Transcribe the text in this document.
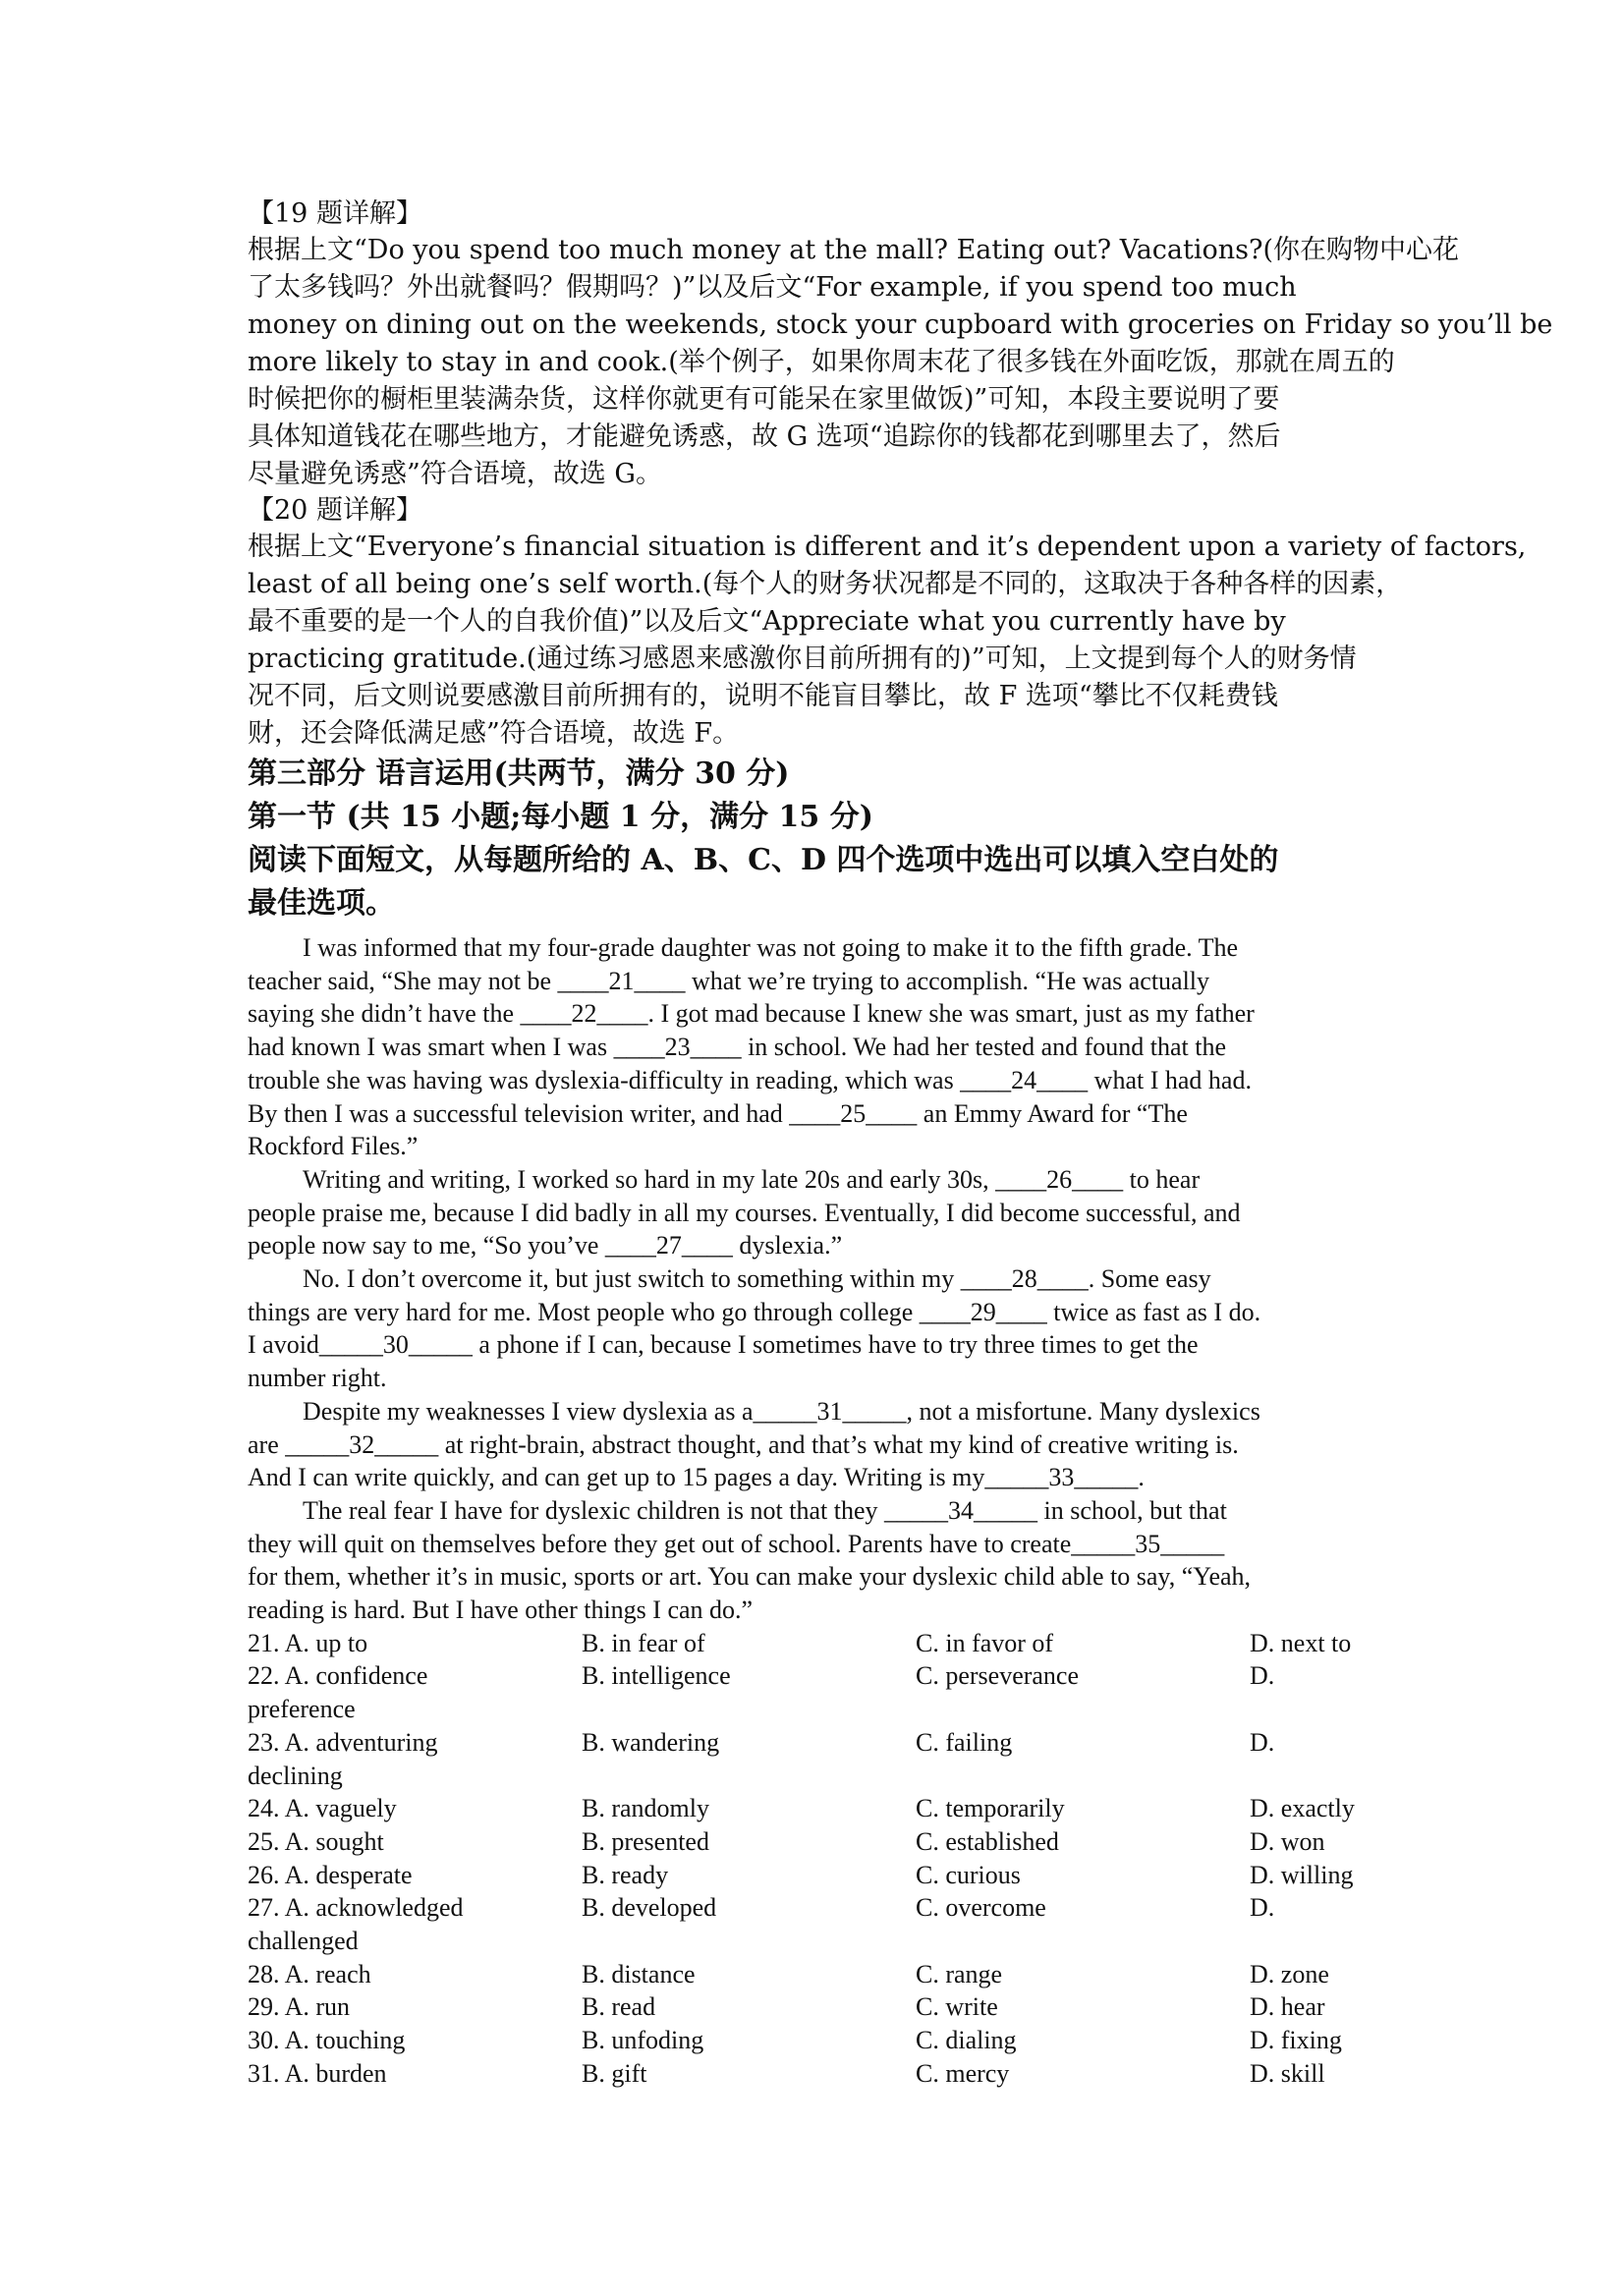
【19 题详解】
根据上文“Do you spend too much money at the mall? Eating out? Vacations?(你在购物中心花
了太多钱吗？外出就餐吗？假期吗？)”以及后文“For example, if you spend too much
money on dining out on the weekends, stock your cupboard with groceries on Friday so you’ll be
more likely to stay in and cook.(举个例子，如果你周末花了很多钱在外面吃饭，那就在周五的
时候把你的橱柜里装满杂货，这样你就更有可能呆在家里做饭)”可知，本段主要说明了要
具体知道钱花在哪些地方，才能避免诱惑，故 G 选项“追踪你的钱都花到哪里去了，然后
尽量避免诱惑”符合语境，故选 G。
【20 题详解】
根据上文“Everyone’s financial situation is different and it’s dependent upon a variety of factors,
least of all being one’s self worth.(每个人的财务状况都是不同的，这取决于各种各样的因素，
最不重要的是一个人的自我价值)”以及后文“Appreciate what you currently have by
practicing gratitude.(通过练习感恩来感激你目前所拥有的)”可知，上文提到每个人的财务情
况不同，后文则说要感激目前所拥有的，说明不能盲目攀比，故 F 选项“攀比不仅耗费钱
财，还会降低满足感”符合语境，故选 F。
第三部分 语言运用(共两节，满分 30 分)
第一节 (共 15 小题;每小题 1 分，满分 15 分)
阅读下面短文，从每题所给的 A、B、C、D 四个选项中选出可以填入空白处的
最佳选项。
I was informed that my four-grade daughter was not going to make it to the fifth grade. The
teacher said, “She may not be ____21____ what we’re trying to accomplish. “He was actually
saying she didn’t have the ____22____. I got mad because I knew she was smart, just as my father
had known I was smart when I was ____23____ in school. We had her tested and found that the
trouble she was having was dyslexia-difficulty in reading, which was ____24____ what I had had.
By then I was a successful television writer, and had ____25____ an Emmy Award for “The
Rockford Files.”
Writing and writing, I worked so hard in my late 20s and early 30s, ____26____ to hear
people praise me, because I did badly in all my courses. Eventually, I did become successful, and
people now say to me, “So you’ve ____27____ dyslexia.”
No. I don’t overcome it, but just switch to something within my ____28____. Some easy
things are very hard for me. Most people who go through college ____29____ twice as fast as I do.
I avoid_____30_____ a phone if I can, because I sometimes have to try three times to get the
number right.
Despite my weaknesses I view dyslexia as a_____31_____, not a misfortune. Many dyslexics
are _____32_____ at right-brain, abstract thought, and that’s what my kind of creative writing is.
And I can write quickly, and can get up to 15 pages a day. Writing is my_____33_____.
The real fear I have for dyslexic children is not that they _____34_____ in school, but that
they will quit on themselves before they get out of school. Parents have to create_____35_____
for them, whether it’s in music, sports or art. You can make your dyslexic child able to say, “Yeah,
reading is hard. But I have other things I can do.”
21. A. up to	B. in fear of	C. in favor of	D. next to
22. A. confidence	B. intelligence	C. perseverance	D.
preference
23. A. adventuring	B. wandering	C. failing	D.
declining
24. A. vaguely	B. randomly	C. temporarily	D. exactly
25. A. sought	B. presented	C. established	D. won
26. A. desperate	B. ready	C. curious	D. willing
27. A. acknowledged	B. developed	C. overcome	D.
challenged
28. A. reach	B. distance	C. range	D. zone
29. A. run	B. read	C. write	D. hear
30. A. touching	B. unfoding	C. dialing	D. fixing
31. A. burden	B. gift	C. mercy	D. skill
